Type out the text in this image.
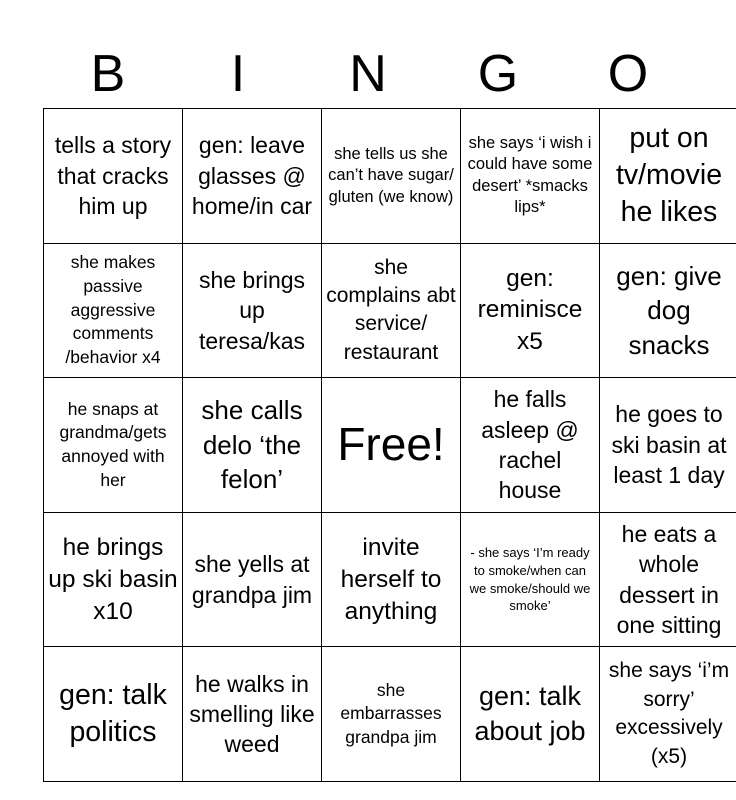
B	I	N	G	O
tells a story that cracks him up	gen: leave glasses @ home/in car	she tells us she can’t have sugar/ gluten (we know)	she says ‘i wish i could have some desert’ *smacks lips*	put on tv/movie he likes
she makes passive aggressive comments /behavior x4	she brings up teresa/kas	she complains abt service/ restaurant	gen: reminisce x5	gen: give dog snacks
he snaps at grandma/gets annoyed with her	she calls delo ‘the felon’	Free!	he falls asleep @ rachel house	he goes to ski basin at least 1 day
he brings up ski basin x10	she yells at grandpa jim	invite herself to anything	- she says ‘I’m ready to smoke/when can we smoke/should we smoke’	he eats a whole dessert in one sitting
gen: talk politics	he walks in smelling like weed	she embarrasses grandpa jim	gen: talk about job	she says ‘i’m sorry’ excessively (x5)
